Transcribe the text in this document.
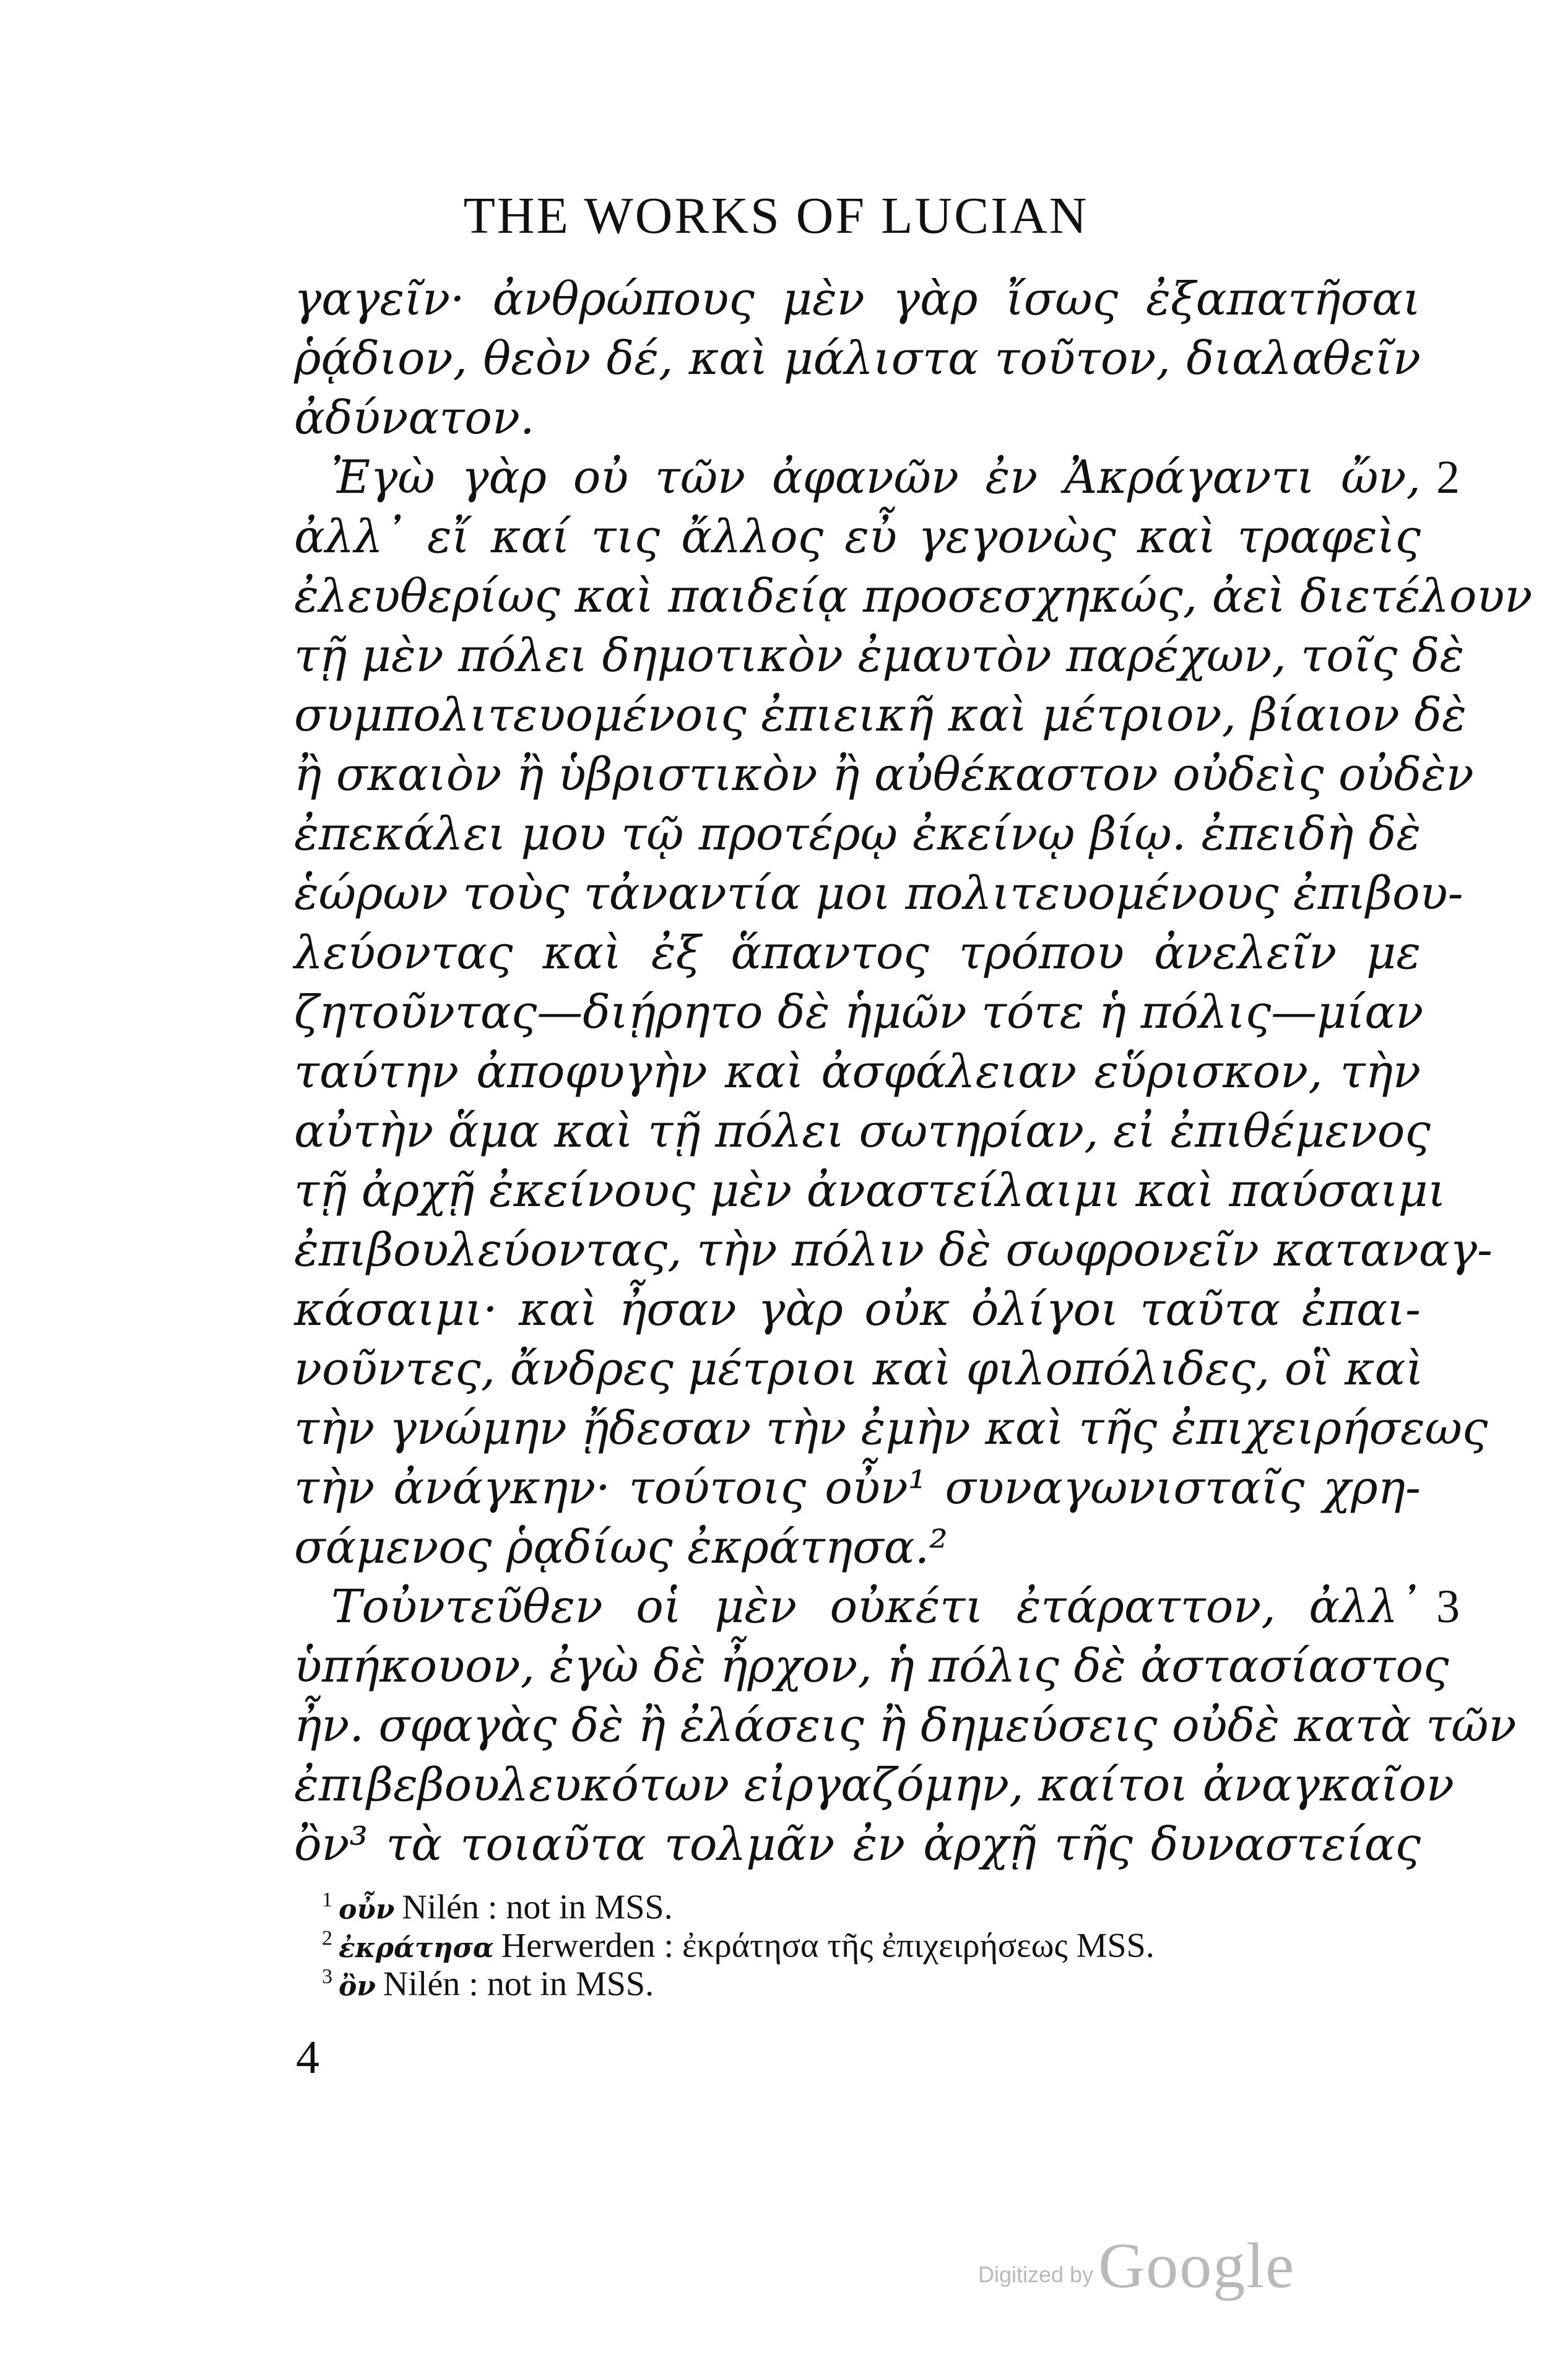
THE WORKS OF LUCIAN
γαγεῖν· ἀνθρώπους μὲν γὰρ ἴσως ἐξαπατῆσαι
ῥᾴδιον, θεὸν δέ, καὶ μάλιστα τοῦτον, διαλαθεῖν
ἀδύνατον.
Ἐγὼ γὰρ οὐ τῶν ἀφανῶν ἐν Ἀκράγαντι ὤν, 2
ἀλλ᾽ εἴ καί τις ἄλλος εὖ γεγονὼς καὶ τραφεὶς
ἐλευθερίως καὶ παιδείᾳ προσεσχηκώς, ἀεὶ διετέλουν
τῇ μὲν πόλει δημοτικὸν ἐμαυτὸν παρέχων, τοῖς δὲ
συμπολιτευομένοις ἐπιεικῆ καὶ μέτριον, βίαιον δὲ
ἢ σκαιὸν ἢ ὑβριστικὸν ἢ αὐθέκαστον οὐδεὶς οὐδὲν
ἐπεκάλει μου τῷ προτέρῳ ἐκείνῳ βίῳ. ἐπειδὴ δὲ
ἑώρων τοὺς τἀναντία μοι πολιτευομένους ἐπιβου-
λεύοντας καὶ ἐξ ἅπαντος τρόπου ἀνελεῖν με
ζητοῦντας—διῄρητο δὲ ἡμῶν τότε ἡ πόλις—μίαν
ταύτην ἀποφυγὴν καὶ ἀσφάλειαν εὕρισκον, τὴν
αὐτὴν ἅμα καὶ τῇ πόλει σωτηρίαν, εἰ ἐπιθέμενος
τῇ ἀρχῇ ἐκείνους μὲν ἀναστείλαιμι καὶ παύσαιμι
ἐπιβουλεύοντας, τὴν πόλιν δὲ σωφρονεῖν καταναγ-
κάσαιμι· καὶ ἦσαν γὰρ οὐκ ὀλίγοι ταῦτα ἐπαι-
νοῦντες, ἄνδρες μέτριοι καὶ φιλοπόλιδες, οἳ καὶ
τὴν γνώμην ᾔδεσαν τὴν ἐμὴν καὶ τῆς ἐπιχειρήσεως
τὴν ἀνάγκην· τούτοις οὖν¹ συναγωνισταῖς χρη-
σάμενος ῥᾳδίως ἐκράτησα.²
Τοὐντεῦθεν οἱ μὲν οὐκέτι ἐτάραττον, ἀλλ᾽ 3
ὑπήκουον, ἐγὼ δὲ ἦρχον, ἡ πόλις δὲ ἀστασίαστος
ἦν. σφαγὰς δὲ ἢ ἐλάσεις ἢ δημεύσεις οὐδὲ κατὰ τῶν
ἐπιβεβουλευκότων εἰργαζόμην, καίτοι ἀναγκαῖον
ὂν³ τὰ τοιαῦτα τολμᾶν ἐν ἀρχῇ τῆς δυναστείας
$^1$ οὖν Nilén : not in MSS.
$^2$ ἐκράτησα Herwerden : ἐκράτησα τῆς ἐπιχειρήσεως MSS.
$^3$ ὂν Nilén : not in MSS.
4
Digitized byGoogle
